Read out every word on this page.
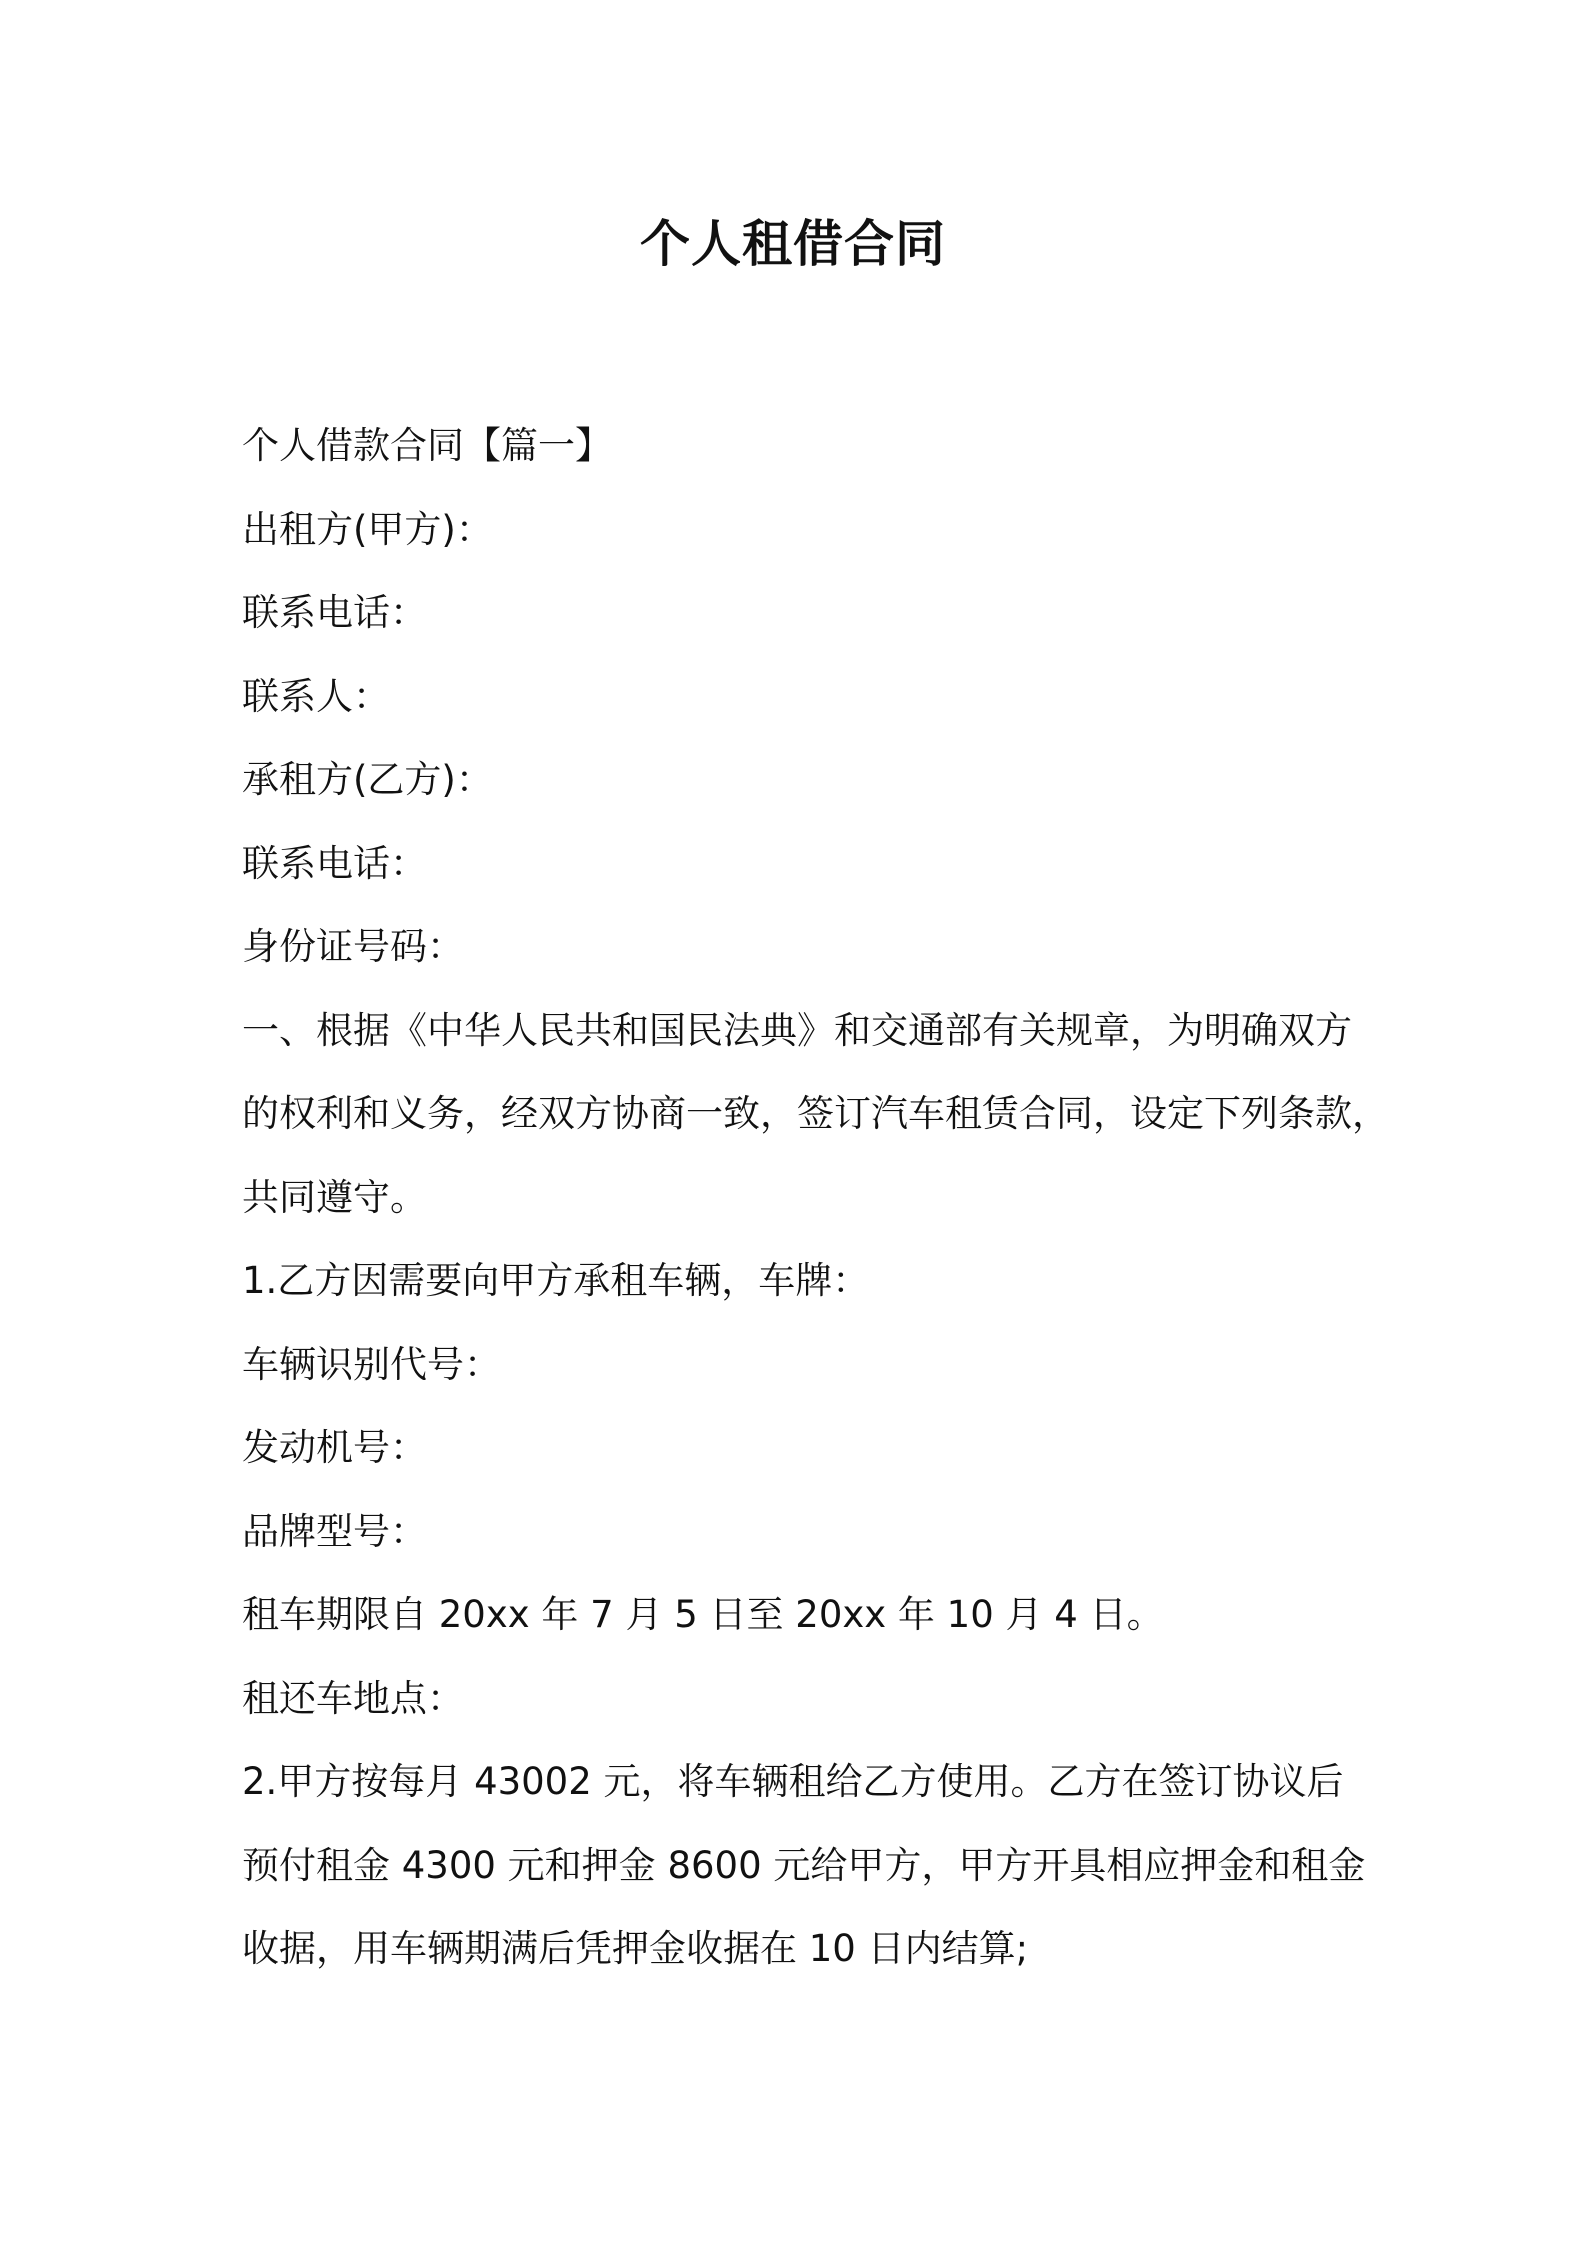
个人租借合同

个人借款合同【篇一】

出租方(甲方)：

联系电话：

联系人：

承租方(乙方)：

联系电话：

身份证号码：

一、根据《中华人民共和国民法典》和交通部有关规章，为明确双方

的权利和义务，经双方协商一致，签订汽车租赁合同，设定下列条款，

共同遵守。

1.乙方因需要向甲方承租车辆，车牌：

车辆识别代号：

发动机号：

品牌型号：

租车期限自 20xx 年 7 月 5 日至 20xx 年 10 月 4 日。

租还车地点：

2.甲方按每月 43002 元，将车辆租给乙方使用。乙方在签订协议后

预付租金 4300 元和押金 8600 元给甲方，甲方开具相应押金和租金

收据，用车辆期满后凭押金收据在 10 日内结算;
